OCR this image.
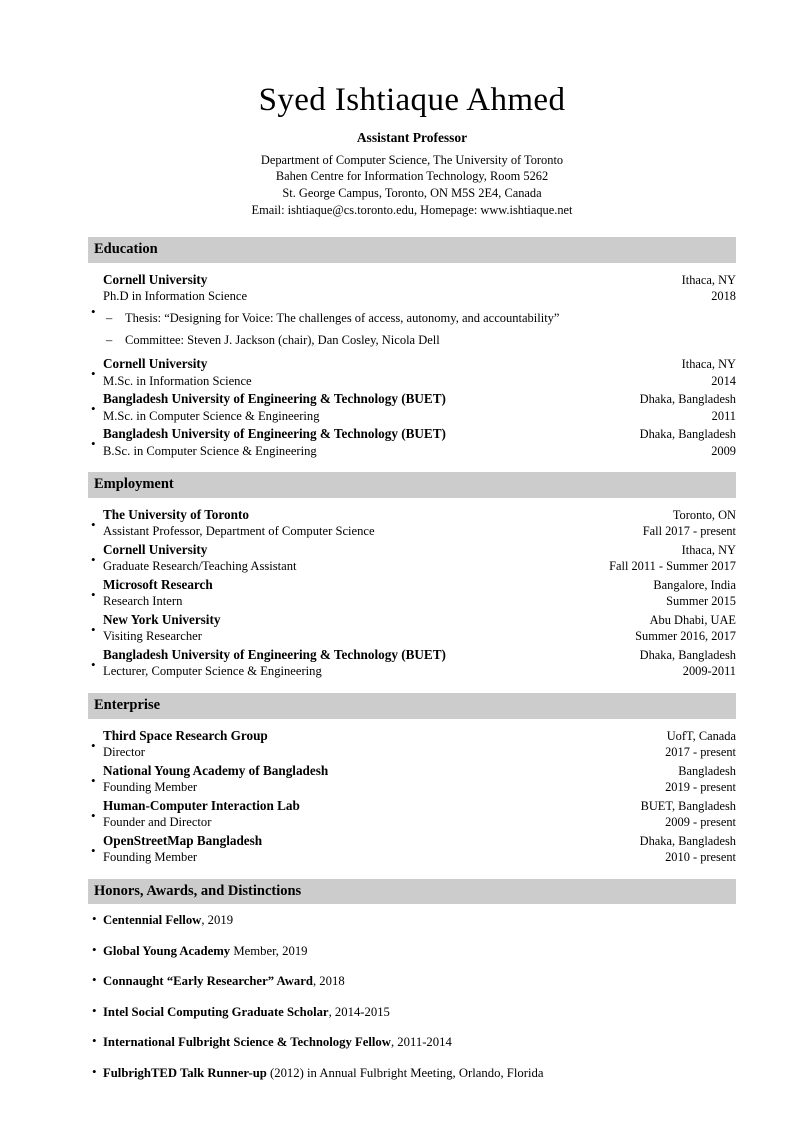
Syed Ishtiaque Ahmed
Assistant Professor
Department of Computer Science, The University of Toronto
Bahen Centre for Information Technology, Room 5262
St. George Campus, Toronto, ON M5S 2E4, Canada
Email: ishtiaque@cs.toronto.edu, Homepage: www.ishtiaque.net
Education
•
Cornell University	Ithaca, NY
Ph.D in Information Science	2018
– Thesis: “Designing for Voice: The challenges of access, autonomy, and accountability”
– Committee: Steven J. Jackson (chair), Dan Cosley, Nicola Dell
•
Cornell University	Ithaca, NY
M.Sc. in Information Science	2014
•
Bangladesh University of Engineering & Technology (BUET)	Dhaka, Bangladesh
M.Sc. in Computer Science & Engineering	2011
•
Bangladesh University of Engineering & Technology (BUET)	Dhaka, Bangladesh
B.Sc. in Computer Science & Engineering	2009
Employment
•
The University of Toronto	Toronto, ON
Assistant Professor, Department of Computer Science	Fall 2017 - present
•
Cornell University	Ithaca, NY
Graduate Research/Teaching Assistant	Fall 2011 - Summer 2017
•
Microsoft Research	Bangalore, India
Research Intern	Summer 2015
•
New York University	Abu Dhabi, UAE
Visiting Researcher	Summer 2016, 2017
•
Bangladesh University of Engineering & Technology (BUET)	Dhaka, Bangladesh
Lecturer, Computer Science & Engineering	2009-2011
Enterprise
•
Third Space Research Group	UofT, Canada
Director	2017 - present
•
National Young Academy of Bangladesh	Bangladesh
Founding Member	2019 - present
•
Human-Computer Interaction Lab	BUET, Bangladesh
Founder and Director	2009 - present
•
OpenStreetMap Bangladesh	Dhaka, Bangladesh
Founding Member	2010 - present
Honors, Awards, and Distinctions
• Centennial Fellow, 2019
• Global Young Academy Member, 2019
• Connaught “Early Researcher” Award, 2018
• Intel Social Computing Graduate Scholar, 2014-2015
• International Fulbright Science & Technology Fellow, 2011-2014
• FulbrighTED Talk Runner-up (2012) in Annual Fulbright Meeting, Orlando, Florida
